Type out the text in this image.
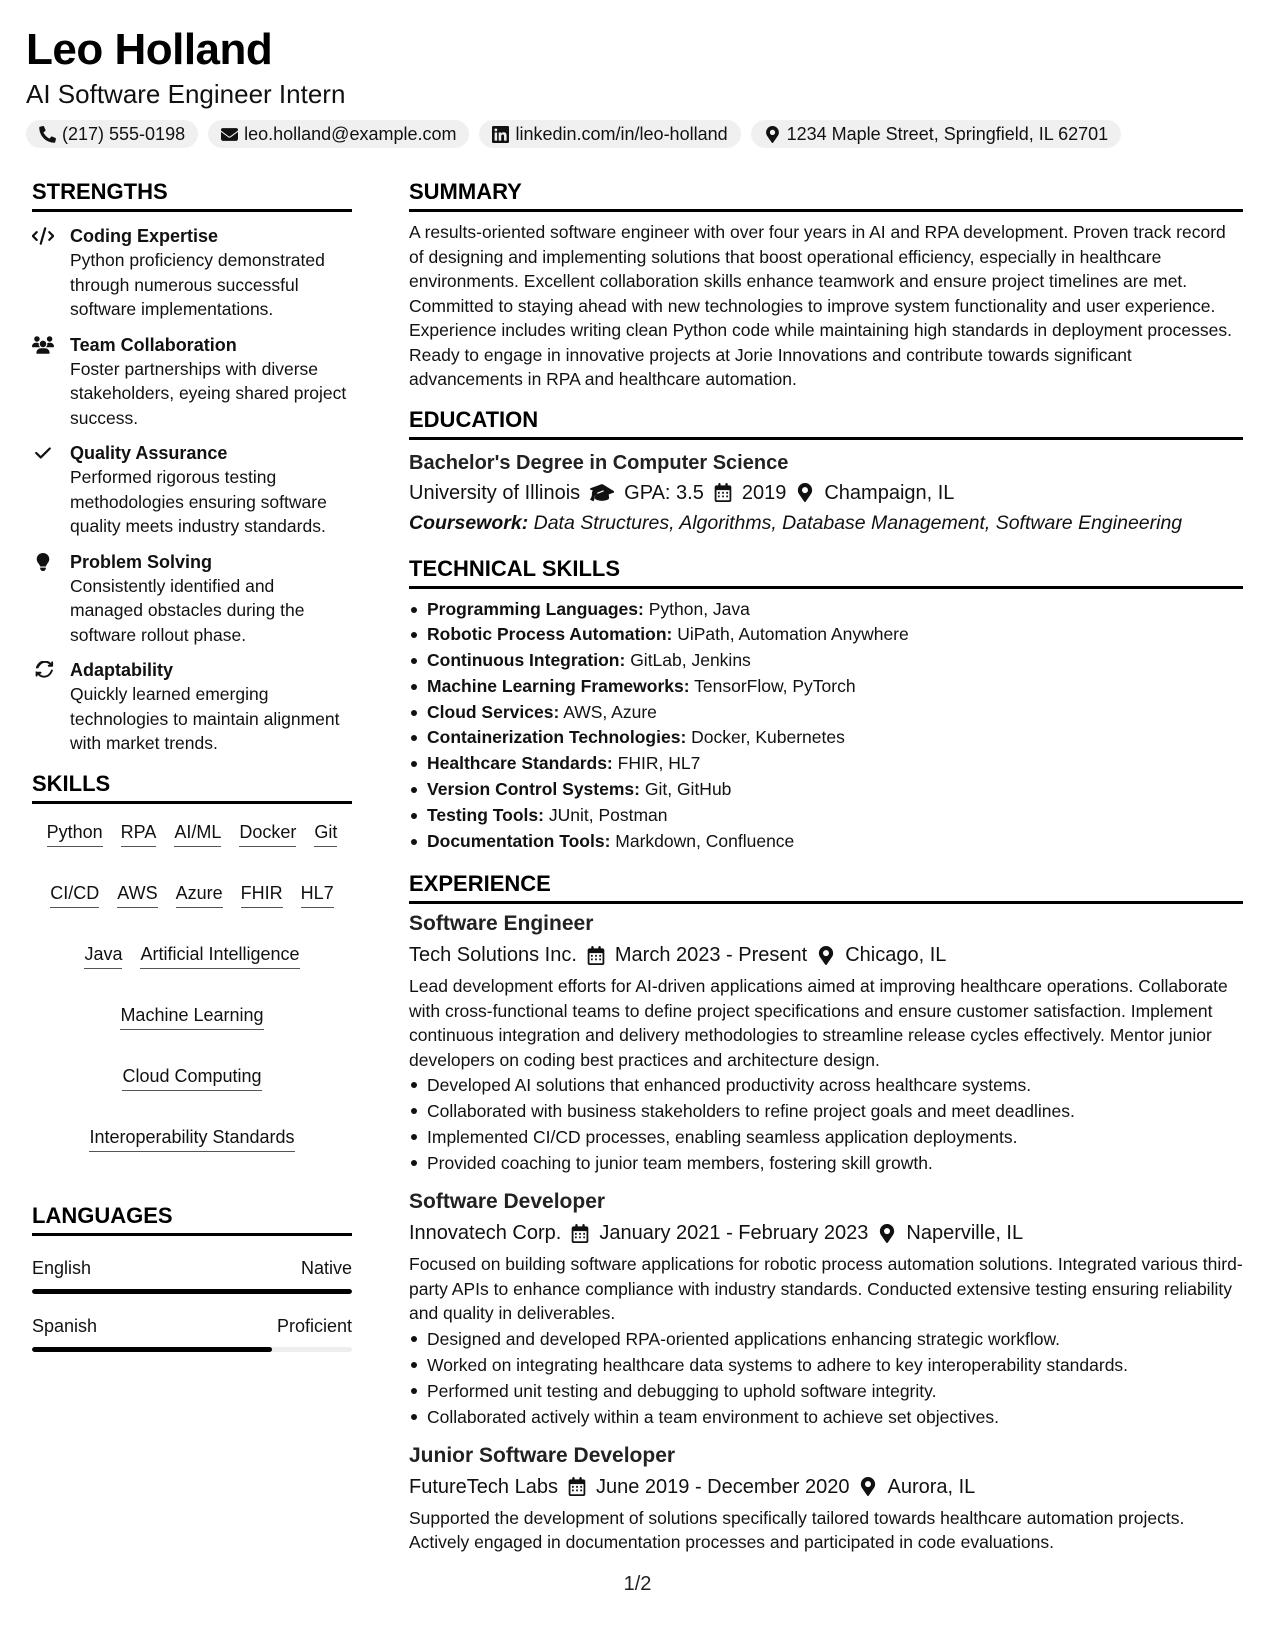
Leo Holland
AI Software Engineer Intern
(217) 555-0198	leo.holland@example.com	linkedin.com/in/leo-holland	1234 Maple Street, Springfield, IL 62701
STRENGTHS
Coding Expertise
Python proficiency demonstrated through numerous successful software implementations.
Team Collaboration
Foster partnerships with diverse stakeholders, eyeing shared project success.
Quality Assurance
Performed rigorous testing methodologies ensuring software quality meets industry standards.
Problem Solving
Consistently identified and managed obstacles during the software rollout phase.
Adaptability
Quickly learned emerging technologies to maintain alignment with market trends.
SKILLS
Python RPA AI/ML Docker Git
CI/CD AWS Azure FHIR HL7
Java Artificial Intelligence
Machine Learning
Cloud Computing
Interoperability Standards
LANGUAGES
English	Native
Spanish	Proficient
SUMMARY
A results-oriented software engineer with over four years in AI and RPA development. Proven track record of designing and implementing solutions that boost operational efficiency, especially in healthcare environments. Excellent collaboration skills enhance teamwork and ensure project timelines are met. Committed to staying ahead with new technologies to improve system functionality and user experience. Experience includes writing clean Python code while maintaining high standards in deployment processes. Ready to engage in innovative projects at Jorie Innovations and contribute towards significant advancements in RPA and healthcare automation.
EDUCATION
Bachelor's Degree in Computer Science
University of Illinois GPA: 3.5 2019 Champaign, IL
Coursework: Data Structures, Algorithms, Database Management, Software Engineering
TECHNICAL SKILLS
Programming Languages: Python, Java
Robotic Process Automation: UiPath, Automation Anywhere
Continuous Integration: GitLab, Jenkins
Machine Learning Frameworks: TensorFlow, PyTorch
Cloud Services: AWS, Azure
Containerization Technologies: Docker, Kubernetes
Healthcare Standards: FHIR, HL7
Version Control Systems: Git, GitHub
Testing Tools: JUnit, Postman
Documentation Tools: Markdown, Confluence
EXPERIENCE
Software Engineer
Tech Solutions Inc. March 2023 - Present Chicago, IL
Lead development efforts for AI-driven applications aimed at improving healthcare operations. Collaborate with cross-functional teams to define project specifications and ensure customer satisfaction. Implement continuous integration and delivery methodologies to streamline release cycles effectively. Mentor junior developers on coding best practices and architecture design.
Developed AI solutions that enhanced productivity across healthcare systems.
Collaborated with business stakeholders to refine project goals and meet deadlines.
Implemented CI/CD processes, enabling seamless application deployments.
Provided coaching to junior team members, fostering skill growth.
Software Developer
Innovatech Corp. January 2021 - February 2023 Naperville, IL
Focused on building software applications for robotic process automation solutions. Integrated various third-party APIs to enhance compliance with industry standards. Conducted extensive testing ensuring reliability and quality in deliverables.
Designed and developed RPA-oriented applications enhancing strategic workflow.
Worked on integrating healthcare data systems to adhere to key interoperability standards.
Performed unit testing and debugging to uphold software integrity.
Collaborated actively within a team environment to achieve set objectives.
Junior Software Developer
FutureTech Labs June 2019 - December 2020 Aurora, IL
Supported the development of solutions specifically tailored towards healthcare automation projects. Actively engaged in documentation processes and participated in code evaluations.
1/2
